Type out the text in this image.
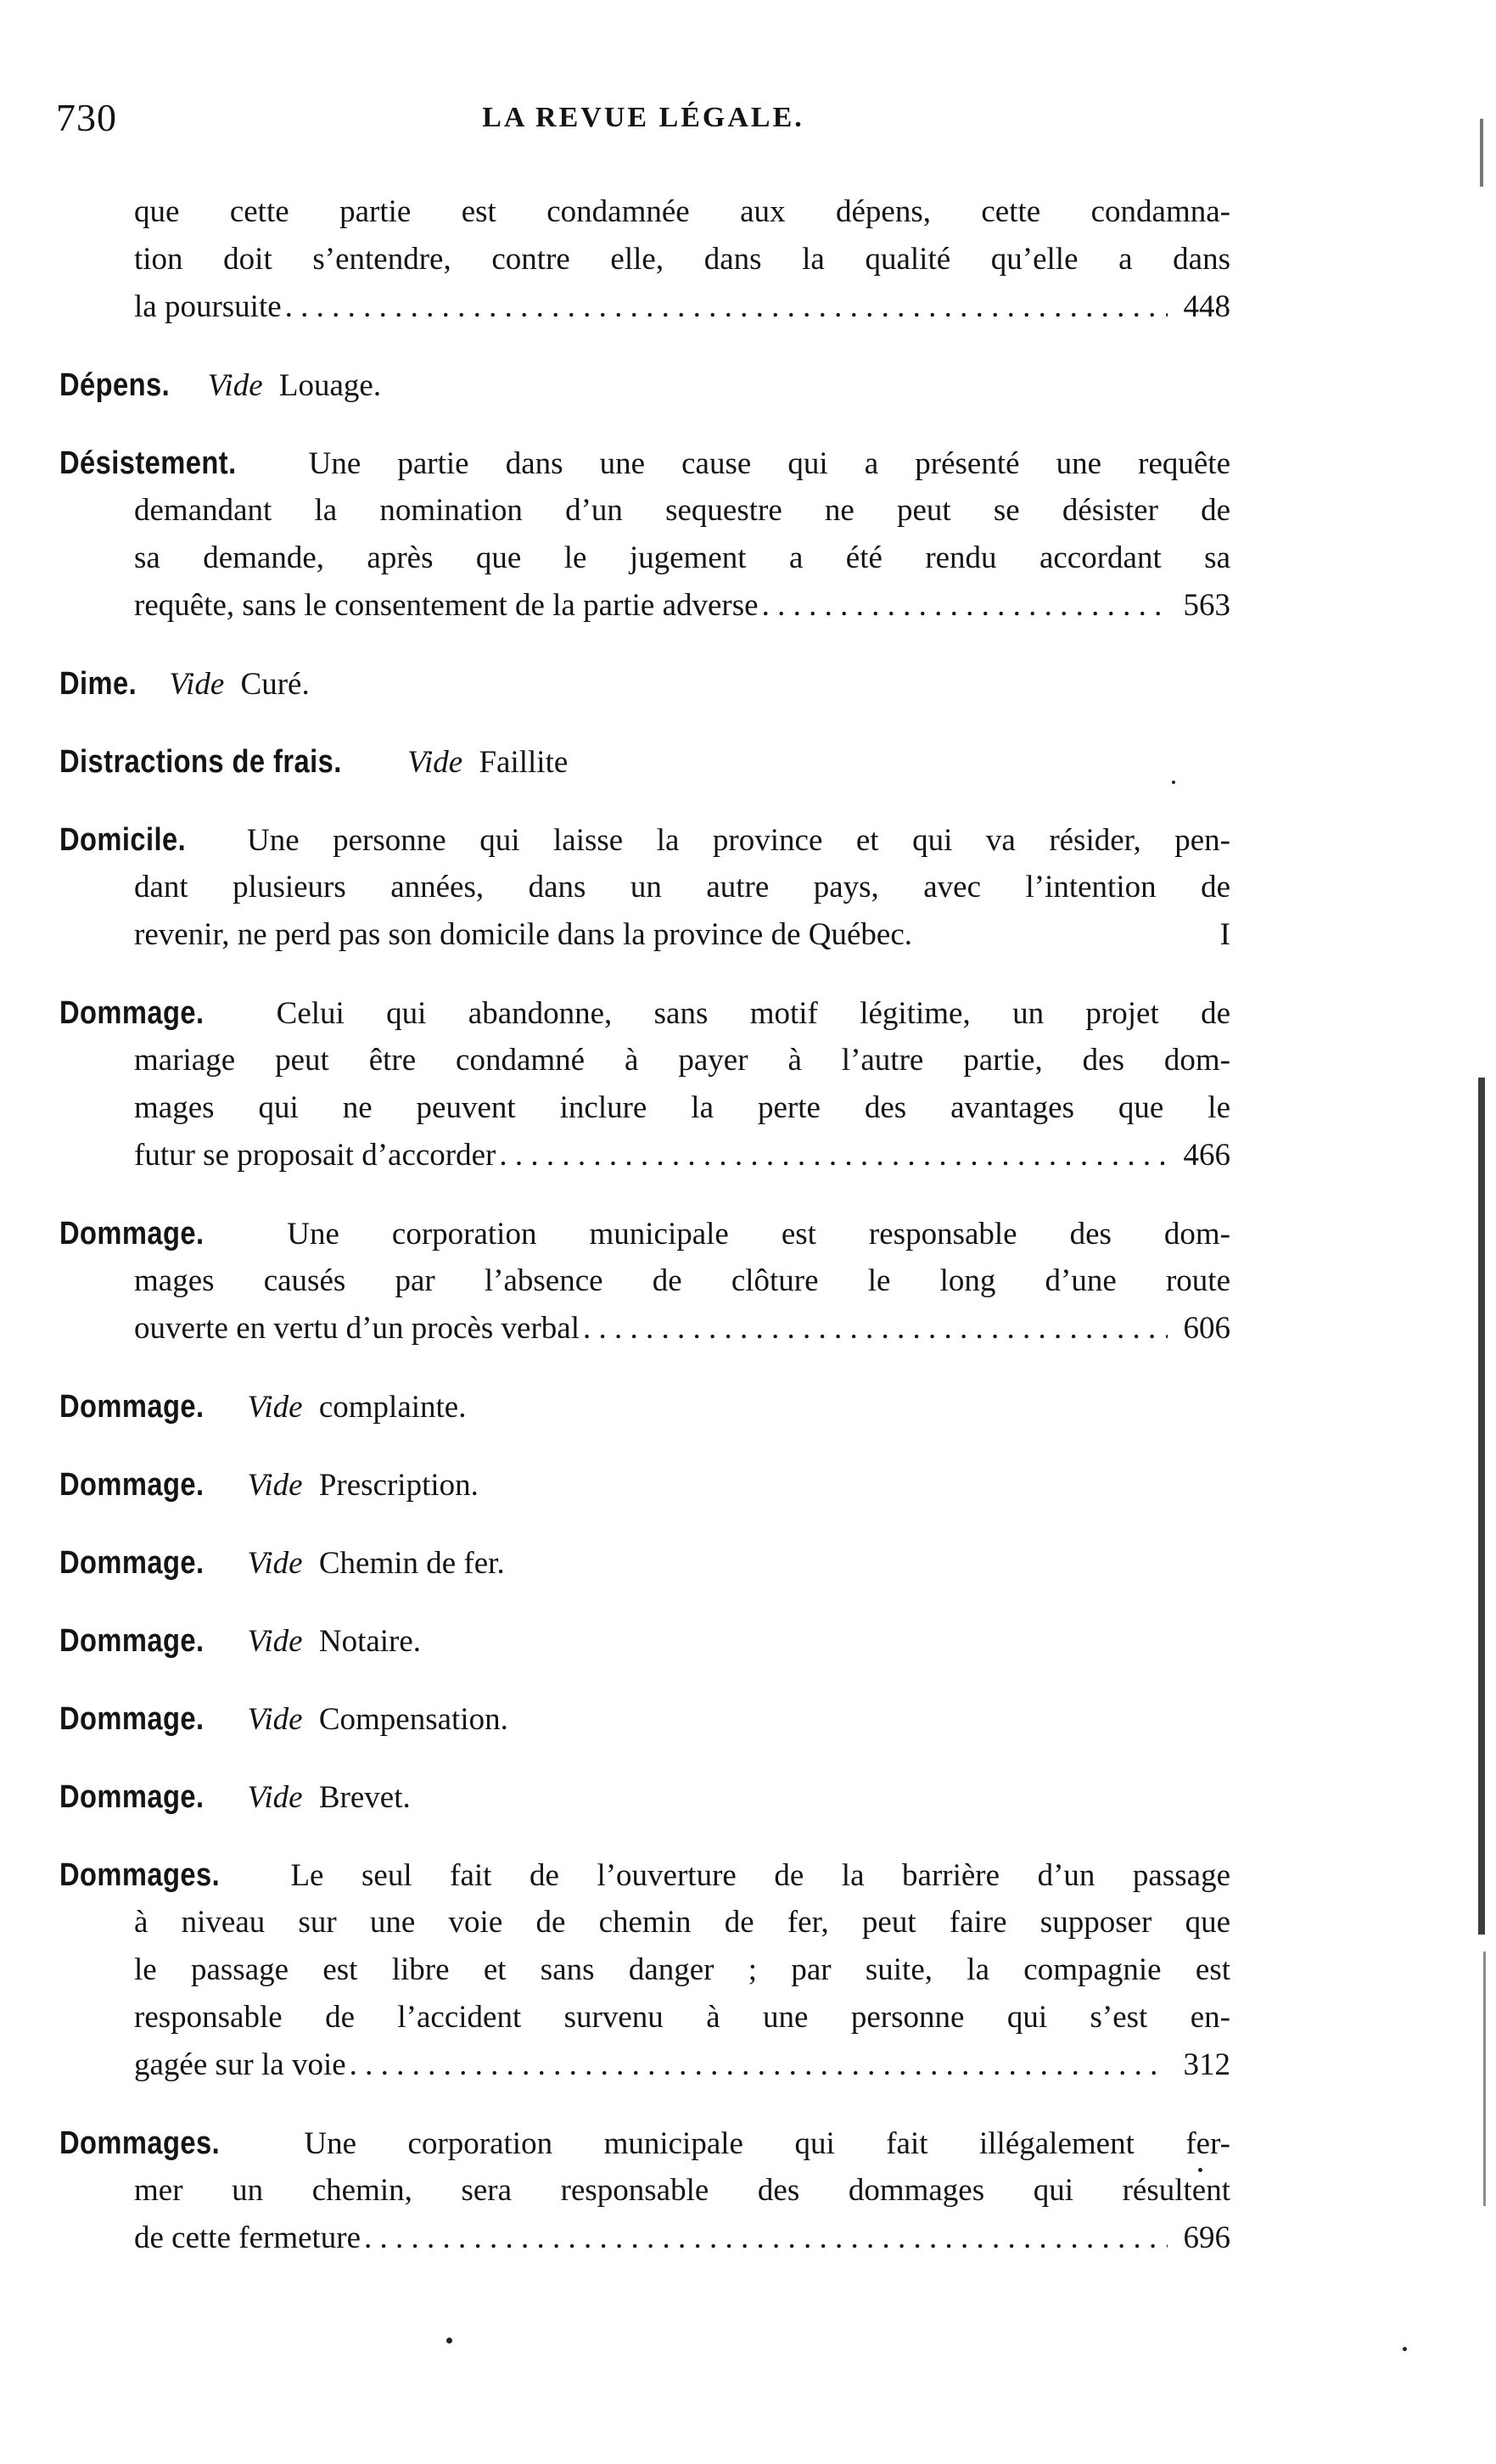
730	LA REVUE LÉGALE.
que cette partie est condamnée aux dépens, cette condamna-
tion doit s’entendre, contre elle, dans la qualité qu’elle a dans
la poursuite . . .	448
Dépens. Vide Louage.
Désistement. Une partie dans une cause qui a présenté une requête
demandant la nomination d’un sequestre ne peut se désister de
sa demande, après que le jugement a été rendu accordant sa
requête, sans le consentement de la partie adverse . . .	563
Dime. Vide Curé.
Distractions de frais. Vide Faillite
Domicile. Une personne qui laisse la province et qui va résider, pen-
dant plusieurs années, dans un autre pays, avec l’intention de
revenir, ne perd pas son domicile dans la province de Québec.	I
Dommage. Celui qui abandonne, sans motif légitime, un projet de
mariage peut être condamné à payer à l’autre partie, des dom-
mages qui ne peuvent inclure la perte des avantages que le
futur se proposait d’accorder . . .	466
Dommage.	Une corporation municipale est responsable des dom-
mages causés par l’absence de clôture le long d’une route
ouverte en vertu d’un procès verbal . . .	606
Dommage. Vide complainte.
Dommage. Vide Prescription.
Dommage. Vide Chemin de fer.
Dommage. Vide Notaire.
Dommage. Vide Compensation.
Dommage. Vide Brevet.
Dommages. Le seul fait de l’ouverture de la barrière d’un passage
à niveau sur une voie de chemin de fer, peut faire supposer que
le passage est libre et sans danger ; par suite, la compagnie est
responsable de l’accident survenu à une personne qui s’est en-
gagée sur la voie . . .	312
Dommages.	Une corporation municipale qui fait illégalement fer-
mer un chemin, sera responsable des dommages qui résultent
de cette fermeture . . .	696
